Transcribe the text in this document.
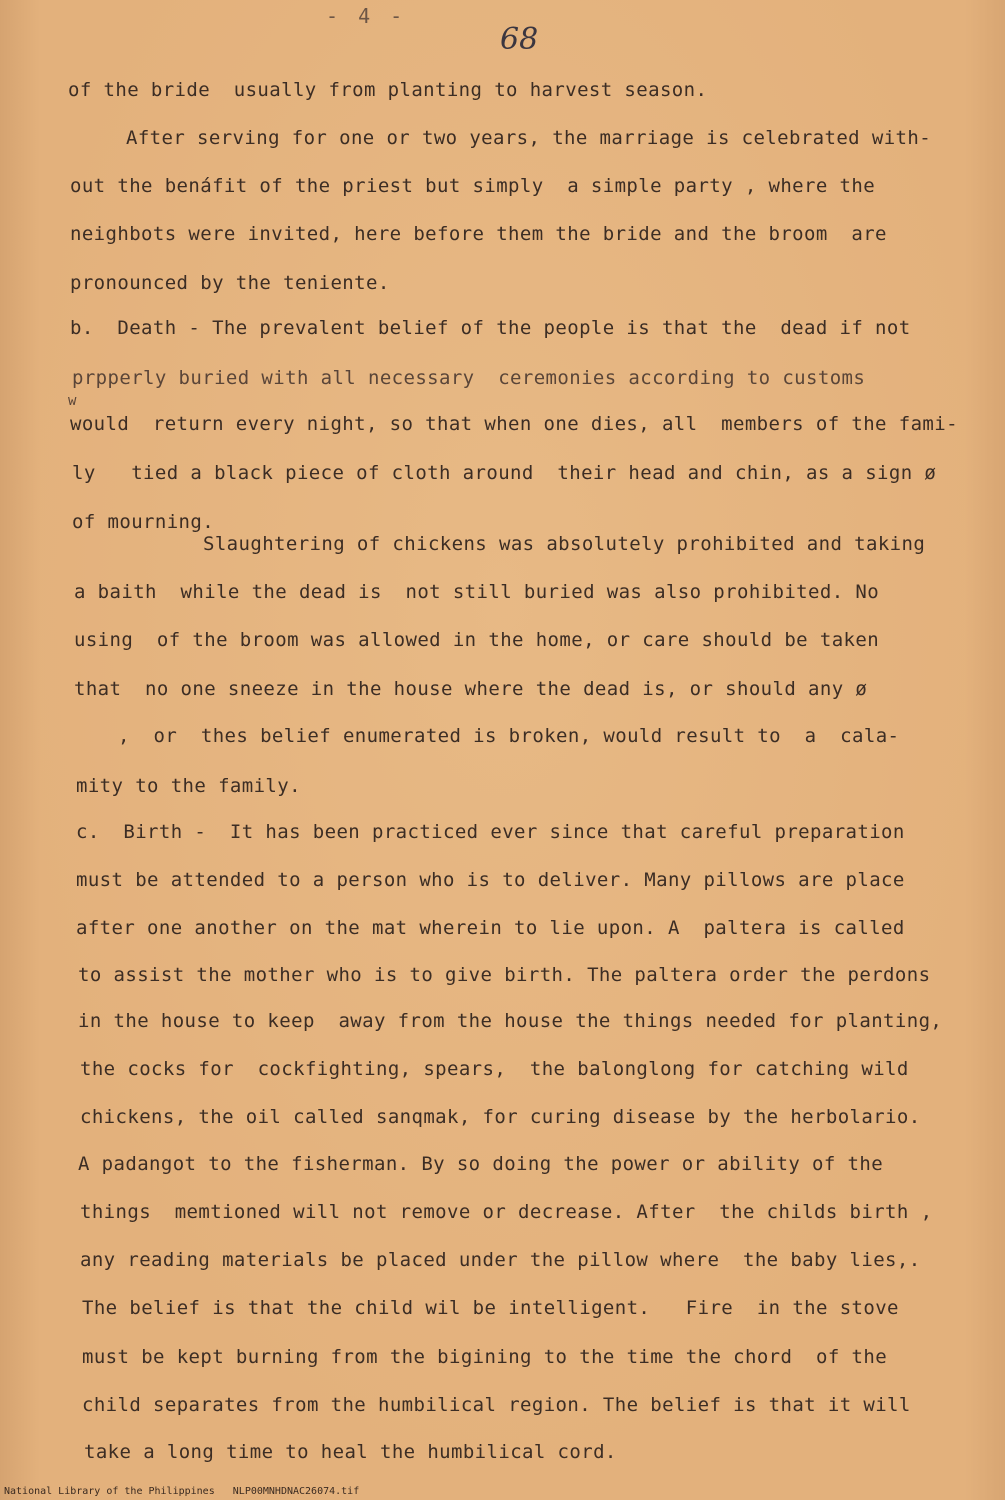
- 4 -
68
of the bride  usually from planting to harvest season.
After serving for one or two years, the marriage is celebrated with-
out the benáfit of the priest but simply  a simple party , where the
neighbots were invited, here before them the bride and the broom  are
pronounced by the teniente.
b.  Death - The prevalent belief of the people is that the  dead if not
prpperly buried with all necessary  ceremonies according to customs
w
would  return every night, so that when one dies, all  members of the fami-
ly   tied a black piece of cloth around  their head and chin, as a sign ø
of mourning.
Slaughtering of chickens was absolutely prohibited and taking
a baith  while the dead is  not still buried was also prohibited. No
using  of the broom was allowed in the home, or care should be taken
that  no one sneeze in the house where the dead is, or should any ø
,  or  thes belief enumerated is broken, would result to  a  cala-
mity to the family.
c.  Birth -  It has been practiced ever since that careful preparation
must be attended to a person who is to deliver. Many pillows are place
after one another on the mat wherein to lie upon. A  paltera is called
to assist the mother who is to give birth. The paltera order the perdons
in the house to keep  away from the house the things needed for planting,
the cocks for  cockfighting, spears,  the balonglong for catching wild
chickens, the oil called sanqmak, for curing disease by the herbolario.
A padangot to the fisherman. By so doing the power or ability of the
things  memtioned will not remove or decrease. After  the childs birth ,
any reading materials be placed under the pillow where  the baby lies,.
The belief is that the child wil be intelligent.   Fire  in the stove
must be kept burning from the bigining to the time the chord  of the
child separates from the humbilical region. The belief is that it will
take a long time to heal the humbilical cord.
National Library of the Philippines   NLP00MNHDNAC26074.tif
